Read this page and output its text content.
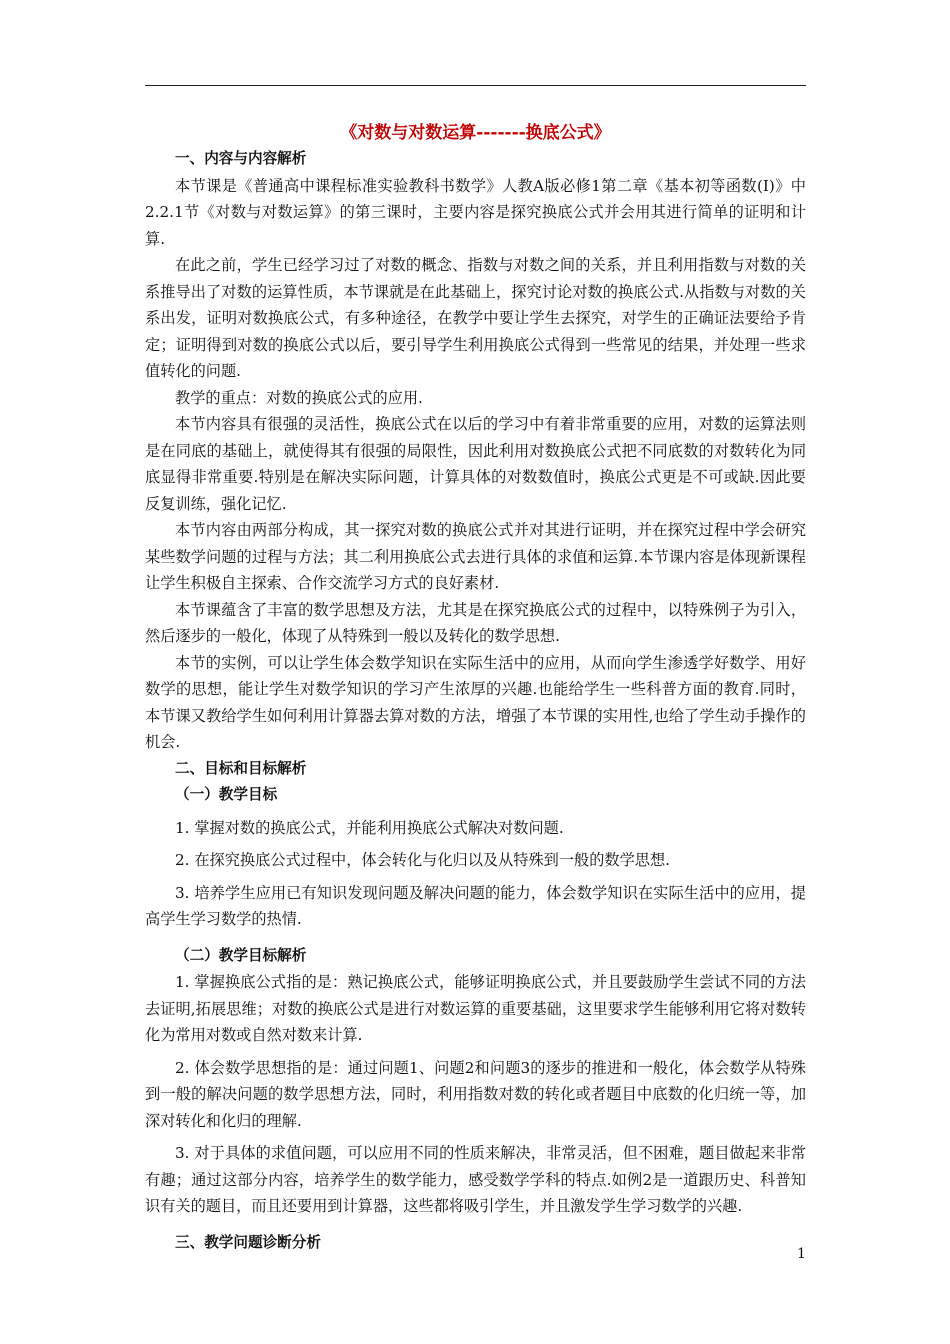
《对数与对数运算-------换底公式》

一、内容与内容解析

本节课是《普通高中课程标准实验教科书数学》人教A版必修1第二章《基本初等函数(I)》中2.2.1节《对数与对数运算》的第三课时，主要内容是探究换底公式并会用其进行简单的证明和计算.

在此之前，学生已经学习过了对数的概念、指数与对数之间的关系，并且利用指数与对数的关系推导出了对数的运算性质，本节课就是在此基础上，探究讨论对数的换底公式.从指数与对数的关系出发，证明对数换底公式，有多种途径，在教学中要让学生去探究，对学生的正确证法要给予肯定；证明得到对数的换底公式以后，要引导学生利用换底公式得到一些常见的结果，并处理一些求值转化的问题.

教学的重点：对数的换底公式的应用.

本节内容具有很强的灵活性，换底公式在以后的学习中有着非常重要的应用，对数的运算法则是在同底的基础上，就使得其有很强的局限性，因此利用对数换底公式把不同底数的对数转化为同底显得非常重要.特别是在解决实际问题，计算具体的对数数值时，换底公式更是不可或缺.因此要反复训练，强化记忆.

本节内容由两部分构成，其一探究对数的换底公式并对其进行证明，并在探究过程中学会研究某些数学问题的过程与方法；其二利用换底公式去进行具体的求值和运算.本节课内容是体现新课程让学生积极自主探索、合作交流学习方式的良好素材.

本节课蕴含了丰富的数学思想及方法，尤其是在探究换底公式的过程中，以特殊例子为引入，然后逐步的一般化，体现了从特殊到一般以及转化的数学思想.

本节的实例，可以让学生体会数学知识在实际生活中的应用，从而向学生渗透学好数学、用好数学的思想，能让学生对数学知识的学习产生浓厚的兴趣.也能给学生一些科普方面的教育.同时，本节课又教给学生如何利用计算器去算对数的方法，增强了本节课的实用性,也给了学生动手操作的机会.

二、目标和目标解析

（一）教学目标

1. 掌握对数的换底公式，并能利用换底公式解决对数问题.

2. 在探究换底公式过程中，体会转化与化归以及从特殊到一般的数学思想.

3. 培养学生应用已有知识发现问题及解决问题的能力，体会数学知识在实际生活中的应用，提高学生学习数学的热情.

（二）教学目标解析

1. 掌握换底公式指的是：熟记换底公式，能够证明换底公式，并且要鼓励学生尝试不同的方法去证明,拓展思维；对数的换底公式是进行对数运算的重要基础，这里要求学生能够利用它将对数转化为常用对数或自然对数来计算.

2. 体会数学思想指的是：通过问题1、问题2和问题3的逐步的推进和一般化，体会数学从特殊到一般的解决问题的数学思想方法，同时，利用指数对数的转化或者题目中底数的化归统一等，加深对转化和化归的理解.

3. 对于具体的求值问题，可以应用不同的性质来解决，非常灵活，但不困难，题目做起来非常有趣；通过这部分内容，培养学生的数学能力，感受数学学科的特点.如例2是一道跟历史、科普知识有关的题目，而且还要用到计算器，这些都将吸引学生，并且激发学生学习数学的兴趣.

三、教学问题诊断分析

1
